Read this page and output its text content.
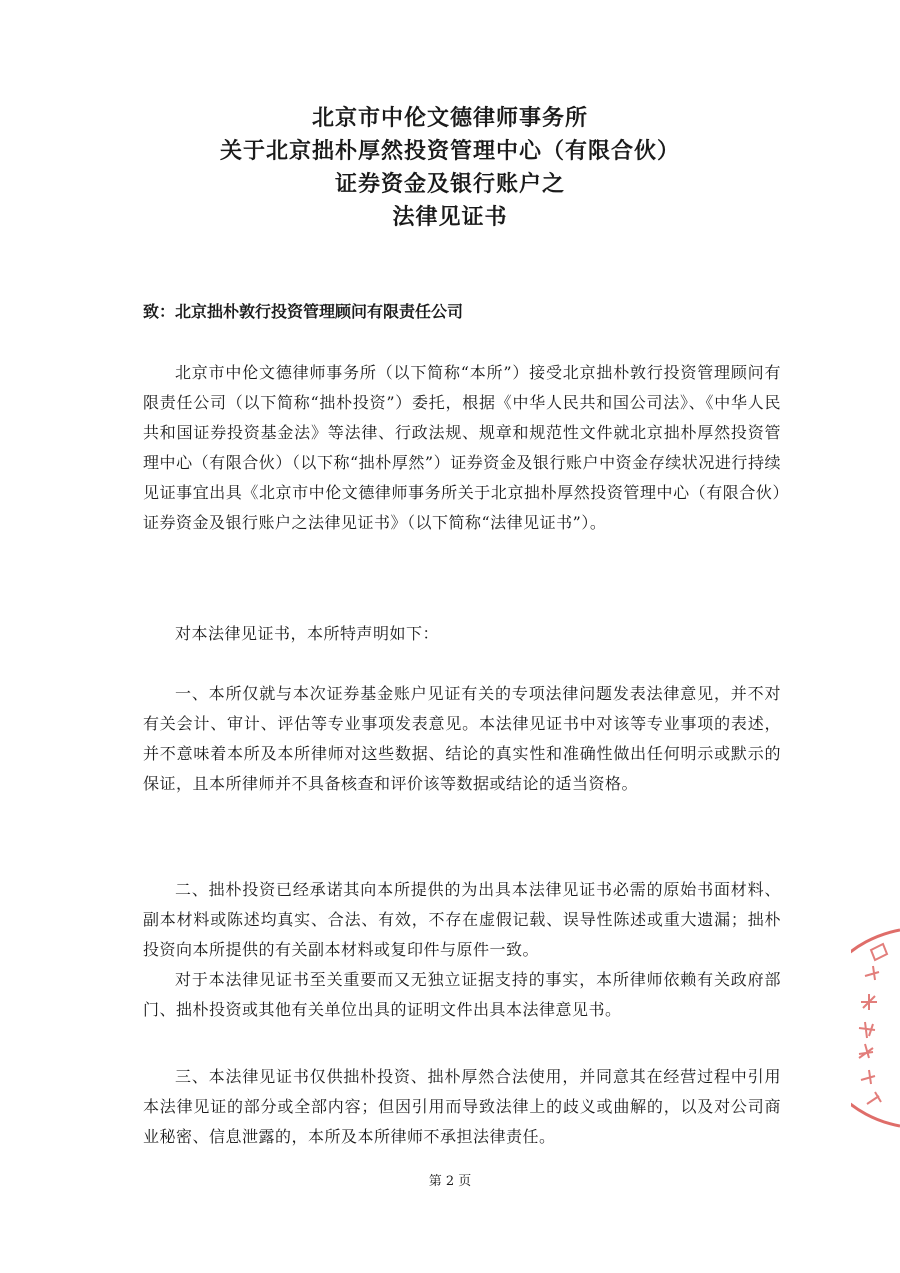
北京市中伦文德律师事务所
关于北京拙朴厚然投资管理中心（有限合伙）
证券资金及银行账户之
法律见证书
致：北京拙朴敦行投资管理顾问有限责任公司

北京市中伦文德律师事务所（以下简称“本所”）接受北京拙朴敦行投资管理顾问有限责任公司（以下简称“拙朴投资”）委托，根据《中华人民共和国公司法》、《中华人民共和国证券投资基金法》等法律、行政法规、规章和规范性文件就北京拙朴厚然投资管理中心（有限合伙）（以下称“拙朴厚然”）证券资金及银行账户中资金存续状况进行持续见证事宜出具《北京市中伦文德律师事务所关于北京拙朴厚然投资管理中心（有限合伙）证券资金及银行账户之法律见证书》（以下简称“法律见证书”）。

对本法律见证书，本所特声明如下：

一、本所仅就与本次证券基金账户见证有关的专项法律问题发表法律意见，并不对有关会计、审计、评估等专业事项发表意见。本法律见证书中对该等专业事项的表述，并不意味着本所及本所律师对这些数据、结论的真实性和准确性做出任何明示或默示的保证，且本所律师并不具备核查和评价该等数据或结论的适当资格。

二、拙朴投资已经承诺其向本所提供的为出具本法律见证书必需的原始书面材料、副本材料或陈述均真实、合法、有效，不存在虚假记载、误导性陈述或重大遗漏；拙朴投资向本所提供的有关副本材料或复印件与原件一致。

对于本法律见证书至关重要而又无独立证据支持的事实，本所律师依赖有关政府部门、拙朴投资或其他有关单位出具的证明文件出具本法律意见书。

三、本法律见证书仅供拙朴投资、拙朴厚然合法使用，并同意其在经营过程中引用本法律见证的部分或全部内容；但因引用而导致法律上的歧义或曲解的，以及对公司商业秘密、信息泄露的，本所及本所律师不承担法律责任。

第 2 页
